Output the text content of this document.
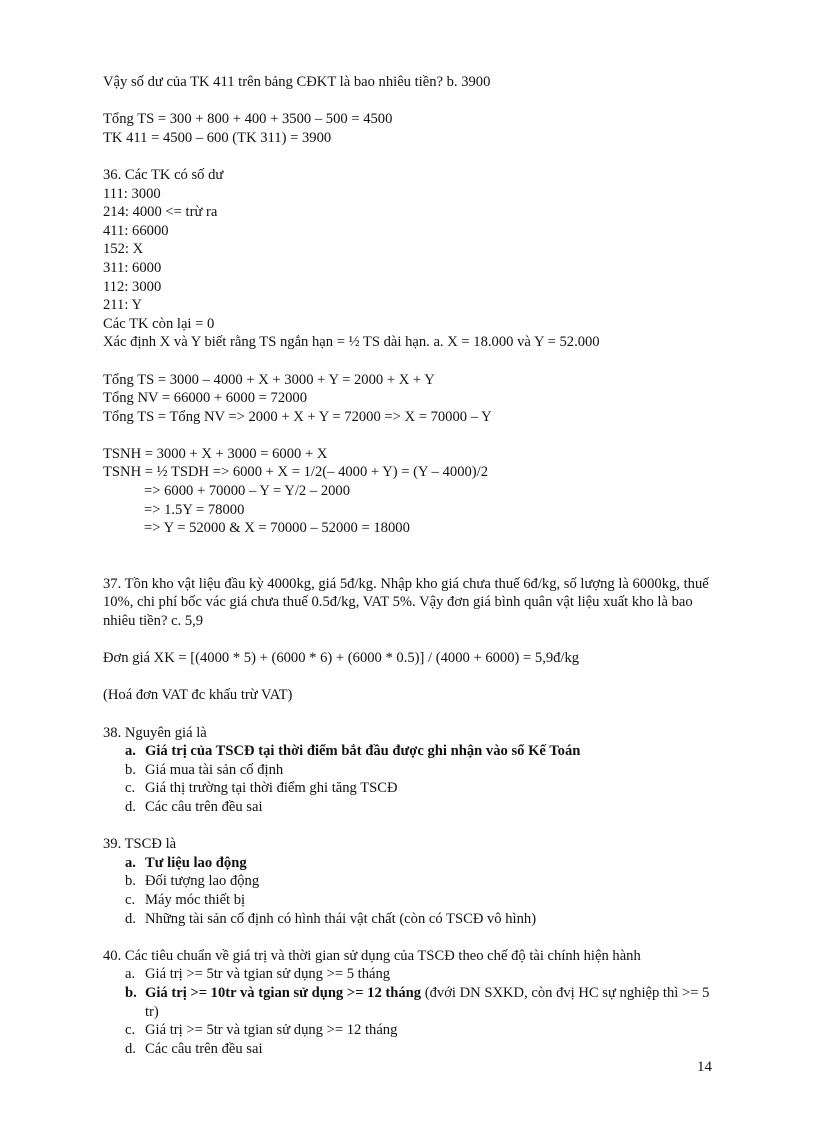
Vậy số dư của TK 411 trên bảng CĐKT là bao nhiêu tiền? b. 3900
Tổng TS = 300 + 800 + 400 + 3500 – 500 = 4500
TK 411 = 4500 – 600 (TK 311) = 3900
36. Các TK có số dư
111: 3000
214: 4000 <= trừ ra
411: 66000
152: X
311: 6000
112: 3000
211: Y
Các TK còn lại = 0
Xác định X và Y biết rằng TS ngắn hạn = ½ TS dài hạn. a. X = 18.000 và Y = 52.000
Tổng TS = 3000 – 4000 + X + 3000 + Y = 2000 + X + Y
Tổng NV = 66000 + 6000 = 72000
Tổng TS = Tổng NV => 2000 + X + Y = 72000 => X = 70000 – Y
TSNH = 3000 + X + 3000 = 6000 + X
TSNH = ½ TSDH => 6000 + X = 1/2(– 4000 + Y) = (Y – 4000)/2
=> 6000 + 70000 – Y = Y/2 – 2000
=> 1.5Y = 78000
=> Y = 52000 & X = 70000 – 52000 = 18000
37. Tồn kho vật liệu đầu kỳ 4000kg, giá 5đ/kg. Nhập kho giá chưa thuế 6đ/kg, số lượng là 6000kg, thuế 10%, chi phí bốc vác giá chưa thuế 0.5đ/kg, VAT 5%. Vậy đơn giá bình quân vật liệu xuất kho là bao nhiêu tiền? c. 5,9
Đơn giá XK = [(4000 * 5) + (6000 * 6) + (6000 * 0.5)] / (4000 + 6000) = 5,9đ/kg
(Hoá đơn VAT đc khấu trừ VAT)
38. Nguyên giá là
a. Giá trị của TSCĐ tại thời điểm bắt đầu được ghi nhận vào sổ Kế Toán
b. Giá mua tài sản cố định
c. Giá thị trường tại thời điểm ghi tăng TSCĐ
d. Các câu trên đều sai
39. TSCĐ là
a. Tư liệu lao động
b. Đối tượng lao động
c. Máy móc thiết bị
d. Những tài sản cố định có hình thái vật chất (còn có TSCĐ vô hình)
40. Các tiêu chuẩn về giá trị và thời gian sử dụng của TSCĐ theo chế độ tài chính hiện hành
a. Giá trị >= 5tr và tgian sử dụng >= 5 tháng
b. Giá trị >= 10tr và tgian sử dụng >= 12 tháng (đvới DN SXKD, còn đvị HC sự nghiệp thì >= 5 tr)
c. Giá trị >= 5tr và tgian sử dụng >= 12 tháng
d. Các câu trên đều sai
14
